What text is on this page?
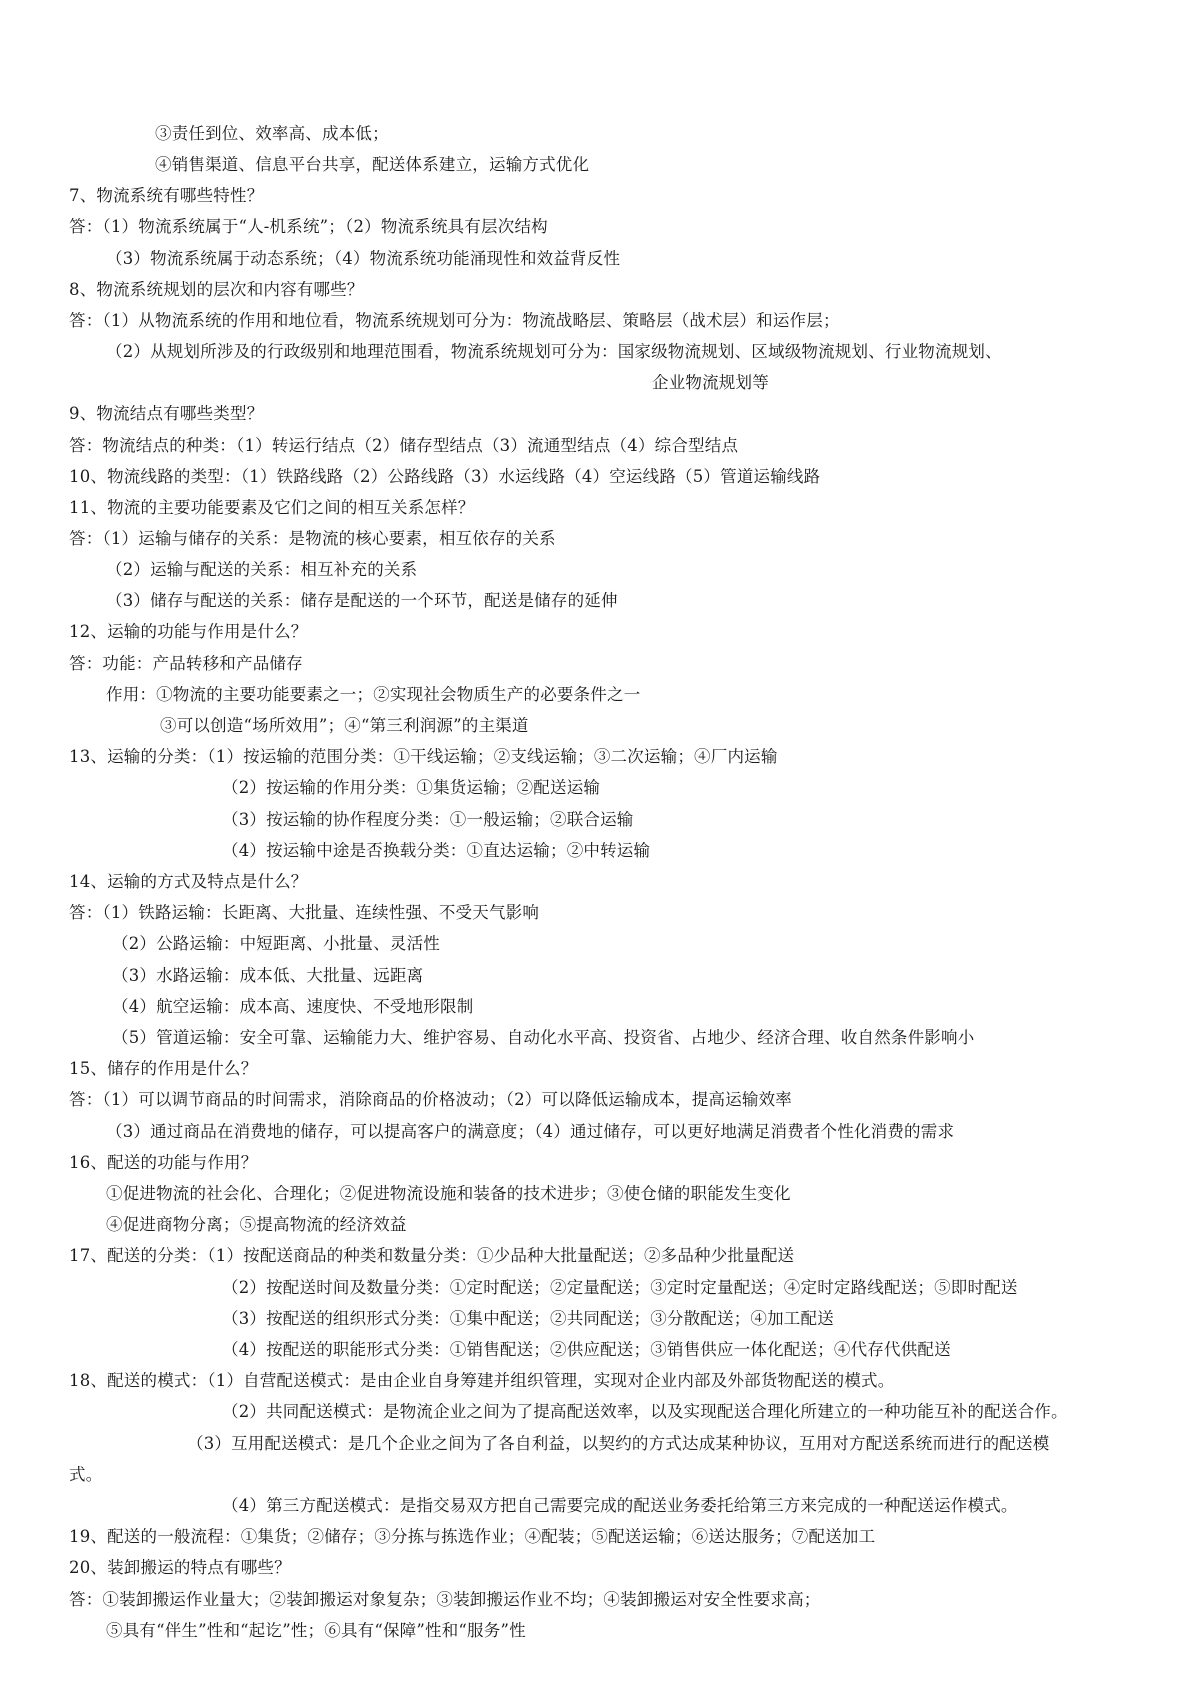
③责任到位、效率高、成本低；
④销售渠道、信息平台共享，配送体系建立，运输方式优化
7、物流系统有哪些特性？
答：（1）物流系统属于“人-机系统”；（2）物流系统具有层次结构
（3）物流系统属于动态系统；（4）物流系统功能涌现性和效益背反性
8、物流系统规划的层次和内容有哪些？
答：（1）从物流系统的作用和地位看，物流系统规划可分为：物流战略层、策略层（战术层）和运作层；
（2）从规划所涉及的行政级别和地理范围看，物流系统规划可分为：国家级物流规划、区域级物流规划、行业物流规划、
企业物流规划等
9、物流结点有哪些类型？
答：物流结点的种类：（1）转运行结点（2）储存型结点（3）流通型结点（4）综合型结点
10、物流线路的类型：（1）铁路线路（2）公路线路（3）水运线路（4）空运线路（5）管道运输线路
11、物流的主要功能要素及它们之间的相互关系怎样？
答：（1）运输与储存的关系：是物流的核心要素，相互依存的关系
（2）运输与配送的关系：相互补充的关系
（3）储存与配送的关系：储存是配送的一个环节，配送是储存的延伸
12、运输的功能与作用是什么？
答：功能：产品转移和产品储存
作用：①物流的主要功能要素之一；②实现社会物质生产的必要条件之一
③可以创造“场所效用”；④“第三利润源”的主渠道
13、运输的分类：（1）按运输的范围分类：①干线运输；②支线运输；③二次运输；④厂内运输
（2）按运输的作用分类：①集货运输；②配送运输
（3）按运输的协作程度分类：①一般运输；②联合运输
（4）按运输中途是否换载分类：①直达运输；②中转运输
14、运输的方式及特点是什么？
答：（1）铁路运输：长距离、大批量、连续性强、不受天气影响
（2）公路运输：中短距离、小批量、灵活性
（3）水路运输：成本低、大批量、远距离
（4）航空运输：成本高、速度快、不受地形限制
（5）管道运输：安全可靠、运输能力大、维护容易、自动化水平高、投资省、占地少、经济合理、收自然条件影响小
15、储存的作用是什么？
答：（1）可以调节商品的时间需求，消除商品的价格波动；（2）可以降低运输成本，提高运输效率
（3）通过商品在消费地的储存，可以提高客户的满意度；（4）通过储存，可以更好地满足消费者个性化消费的需求
16、配送的功能与作用？
①促进物流的社会化、合理化；②促进物流设施和装备的技术进步；③使仓储的职能发生变化
④促进商物分离；⑤提高物流的经济效益
17、配送的分类：（1）按配送商品的种类和数量分类：①少品种大批量配送；②多品种少批量配送
（2）按配送时间及数量分类：①定时配送；②定量配送；③定时定量配送；④定时定路线配送；⑤即时配送
（3）按配送的组织形式分类：①集中配送；②共同配送；③分散配送；④加工配送
（4）按配送的职能形式分类：①销售配送；②供应配送；③销售供应一体化配送；④代存代供配送
18、配送的模式：（1）自营配送模式：是由企业自身筹建并组织管理，实现对企业内部及外部货物配送的模式。
（2）共同配送模式：是物流企业之间为了提高配送效率，以及实现配送合理化所建立的一种功能互补的配送合作。
（3）互用配送模式：是几个企业之间为了各自利益，以契约的方式达成某种协议，互用对方配送系统而进行的配送模
式。
（4）第三方配送模式：是指交易双方把自己需要完成的配送业务委托给第三方来完成的一种配送运作模式。
19、配送的一般流程：①集货；②储存；③分拣与拣选作业；④配装；⑤配送运输；⑥送达服务；⑦配送加工
20、装卸搬运的特点有哪些？
答：①装卸搬运作业量大；②装卸搬运对象复杂；③装卸搬运作业不均；④装卸搬运对安全性要求高；
⑤具有“伴生”性和“起讫”性；⑥具有“保障”性和“服务”性
